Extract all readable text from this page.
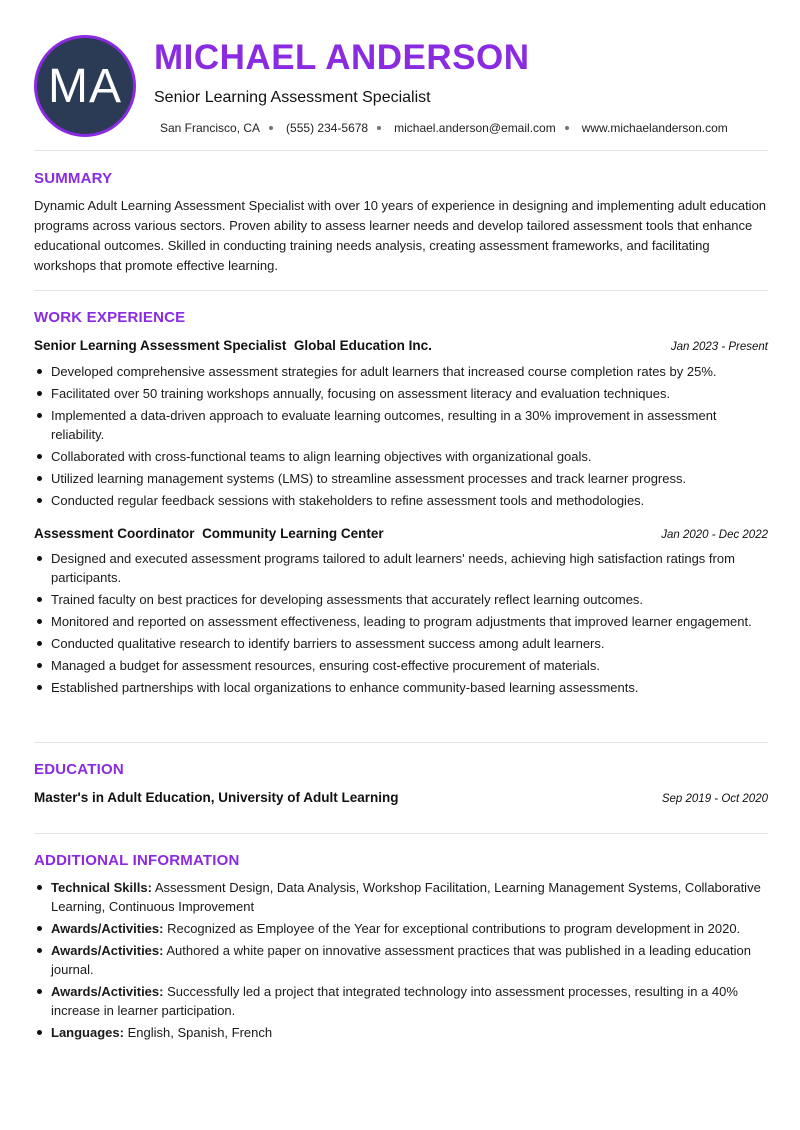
MA
MICHAEL ANDERSON
Senior Learning Assessment Specialist
San Francisco, CA (555) 234-5678 michael.anderson@email.com www.michaelanderson.com
SUMMARY
Dynamic Adult Learning Assessment Specialist with over 10 years of experience in designing and implementing adult education programs across various sectors. Proven ability to assess learner needs and develop tailored assessment tools that enhance educational outcomes. Skilled in conducting training needs analysis, creating assessment frameworks, and facilitating workshops that promote effective learning.
WORK EXPERIENCE
Senior Learning Assessment Specialist Global Education Inc.	Jan 2023 - Present
Developed comprehensive assessment strategies for adult learners that increased course completion rates by 25%.
Facilitated over 50 training workshops annually, focusing on assessment literacy and evaluation techniques.
Implemented a data-driven approach to evaluate learning outcomes, resulting in a 30% improvement in assessment reliability.
Collaborated with cross-functional teams to align learning objectives with organizational goals.
Utilized learning management systems (LMS) to streamline assessment processes and track learner progress.
Conducted regular feedback sessions with stakeholders to refine assessment tools and methodologies.
Assessment Coordinator Community Learning Center	Jan 2020 - Dec 2022
Designed and executed assessment programs tailored to adult learners' needs, achieving high satisfaction ratings from participants.
Trained faculty on best practices for developing assessments that accurately reflect learning outcomes.
Monitored and reported on assessment effectiveness, leading to program adjustments that improved learner engagement.
Conducted qualitative research to identify barriers to assessment success among adult learners.
Managed a budget for assessment resources, ensuring cost-effective procurement of materials.
Established partnerships with local organizations to enhance community-based learning assessments.
EDUCATION
Master's in Adult Education, University of Adult Learning	Sep 2019 - Oct 2020
ADDITIONAL INFORMATION
Technical Skills: Assessment Design, Data Analysis, Workshop Facilitation, Learning Management Systems, Collaborative Learning, Continuous Improvement
Awards/Activities: Recognized as Employee of the Year for exceptional contributions to program development in 2020.
Awards/Activities: Authored a white paper on innovative assessment practices that was published in a leading education journal.
Awards/Activities: Successfully led a project that integrated technology into assessment processes, resulting in a 40% increase in learner participation.
Languages: English, Spanish, French
